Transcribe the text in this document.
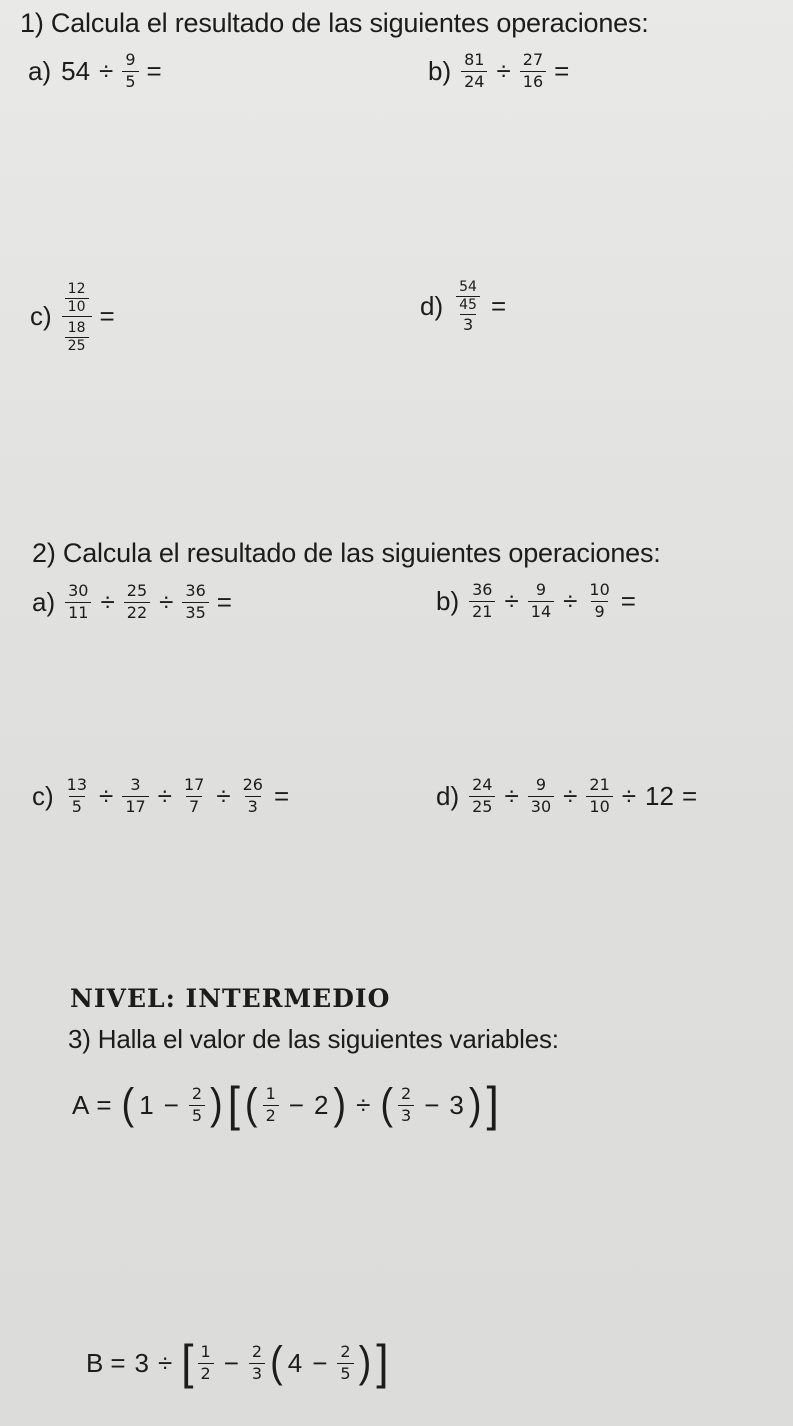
1) Calcula el resultado de las siguientes operaciones:
a) $54 \div \frac{9}{5}$ =	$b) \frac{81}{24} \div \frac{27}{16}$ =
$c) \frac{\frac{12}{10}}{\frac{18}{25}}$ =	$d) \frac{\frac{54}{45}}{3}$ =
2) Calcula el resultado de las siguientes operaciones:
$a) \frac{30}{11} \div \frac{25}{22} \div \frac{36}{35}$ =	$b) \frac{36}{21} \div \frac{9}{14} \div \frac{10}{9}$ =
$c) \frac{13}{5} \div \frac{3}{17} \div \frac{17}{7} \div \frac{26}{3}$ =	$d) \frac{24}{25} \div \frac{9}{30} \div \frac{21}{10} \div 12$ =
NIVEL: INTERMEDIO
3) Halla el valor de las siguientes variables:
A = ( $1 - \frac{2}{5}$ ) [ ( $\frac{1}{2} - 2$ ) ÷ ( $\frac{2}{3} - 3$ ) ]
B = 3 ÷ [ $\frac{1}{2} - \frac{2}{3}$ ( $4 - \frac{2}{5}$ ) ]
